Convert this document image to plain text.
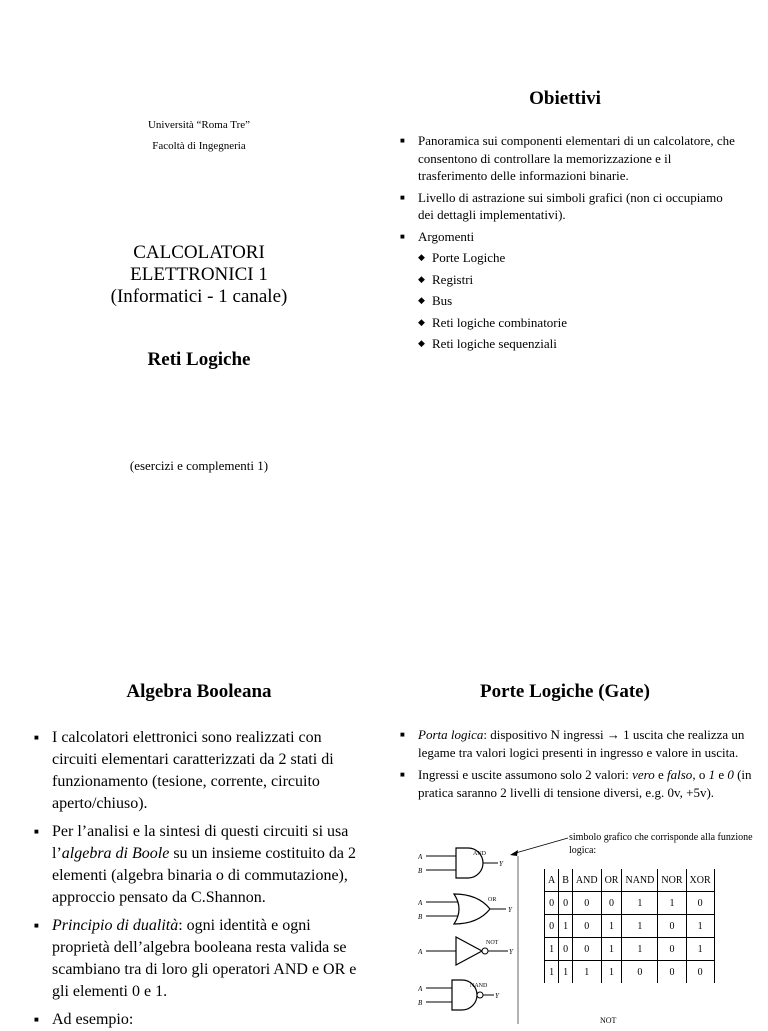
Università “Roma Tre”
Facoltà di Ingegneria
CALCOLATORI
ELETTRONICI 1
(Informatici - 1 canale)
Reti Logiche
(esercizi e complementi 1)
Obiettivi
■ Panoramica sui componenti elementari di un calcolatore, che consentono di controllare la memorizzazione e il trasferimento delle informazioni binarie.
■ Livello di astrazione sui simboli grafici (non ci occupiamo dei dettagli implementativi).
■ Argomenti
◆ Porte Logiche
◆ Registri
◆ Bus
◆ Reti logiche combinatorie
◆ Reti logiche sequenziali
Algebra Booleana
■ I calcolatori elettronici sono realizzati con circuiti elementari caratterizzati da 2 stati di funzionamento (tesione, corrente, circuito aperto/chiuso).
■ Per l’analisi e la sintesi di questi circuiti si usa l’algebra di Boole su un insieme costituito da 2 elementi (algebra binaria o di commutazione), approccio pensato da C.Shannon.
■ Principio di dualità: ogni identità e ogni proprietà dell’algebra booleana resta valida se scambiano tra di loro gli operatori AND e OR e gli elementi 0 e 1.
■ Ad esempio:
Porte Logiche (Gate)
■ Porta logica: dispositivo N ingressi → 1 uscita che realizza un legame tra valori logici presenti in ingresso e valore in uscita.
■ Ingressi e uscite assumono solo 2 valori: vero e falso, o 1 e 0 (in pratica saranno 2 livelli di tensione diversi, e.g. 0v, +5v).
simbolo grafico che corrisponde alla funzione logica:
A
B
Y
AND
A
B
Y
OR
A	Y
NOT
A
B
Y
NAND
NOT
A	B	AND	OR	NAND	NOR	XOR
0	0	0	0	1	1	0
0	1	0	1	1	0	1
1	0	0	1	1	0	1
1	1	1	1	0	0	0
